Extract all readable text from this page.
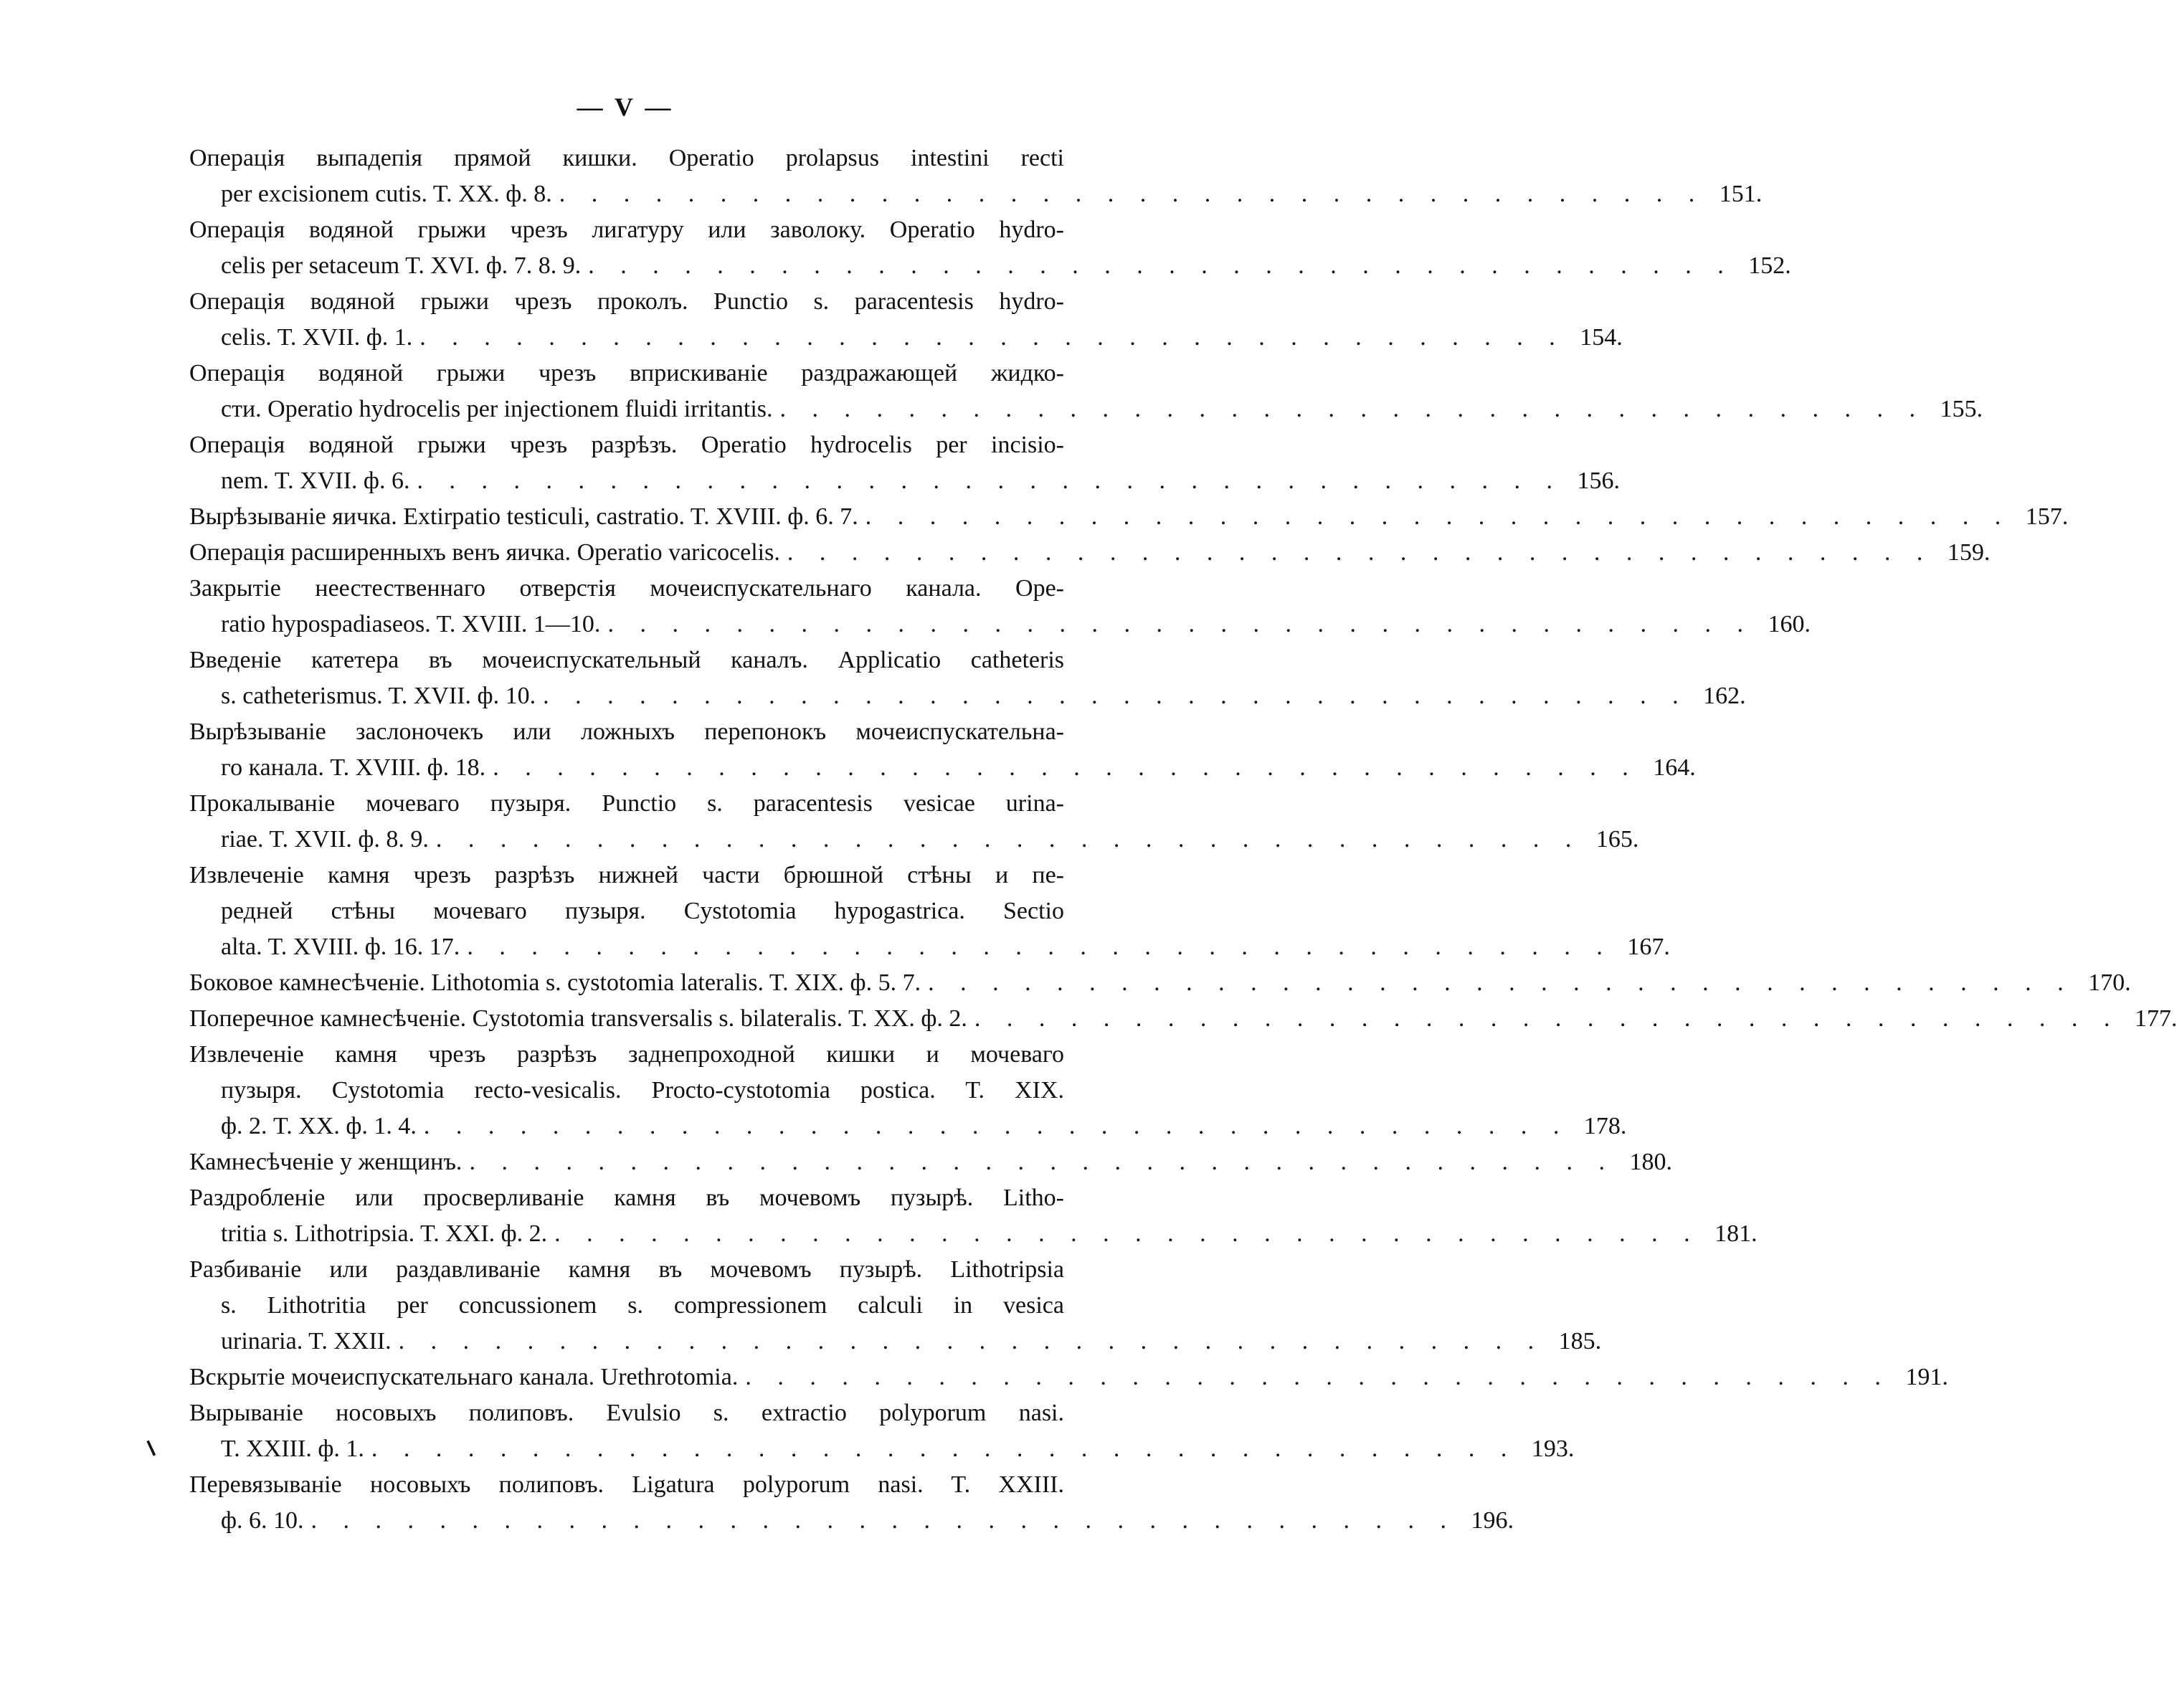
— V —
⸜
Операція выпадепія прямой кишки. Operatio prolapsus intestini recti
per excisionem cutis. T. XX. ф. 8. . . . . . . . . . . . . . . . . . . . . . . . . . . . . . . . . . . . . 151.
Операція водяной грыжи чрезъ лигатуру или заволоку. Operatio hydro-
celis per setaceum T. XVI. ф. 7. 8. 9. . . . . . . . . . . . . . . . . . . . . . . . . . . . . . . . . . . . . 152.
Операція водяной грыжи чрезъ проколъ. Punctio s. paracentesis hydro-
celis. T. XVII. ф. 1. . . . . . . . . . . . . . . . . . . . . . . . . . . . . . . . . . . . . 154.
Операція водяной грыжи чрезъ вприскиваніе раздражающей жидко-
сти. Operatio hydrocelis per injectionem fluidi irritantis. . . . . . . . . . . . . . . . . . . . . . . . . . . . . . . . . . . . . 155.
Операція водяной грыжи чрезъ разрѣзъ. Operatio hydrocelis per incisio-
nem. T. XVII. ф. 6. . . . . . . . . . . . . . . . . . . . . . . . . . . . . . . . . . . . . 156.
Вырѣзываніе яичка. Extirpatio testiculi, castratio. T. XVIII. ф. 6. 7. . . . . . . . . . . . . . . . . . . . . . . . . . . . . . . . . . . . . 157.
Операція расширенныхъ венъ яичка. Operatio varicocelis. . . . . . . . . . . . . . . . . . . . . . . . . . . . . . . . . . . . . 159.
Закрытіе неестественнаго отверстія мочеиспускательнаго канала. Ope-
ratio hypospadiaseos. T. XVIII. 1—10. . . . . . . . . . . . . . . . . . . . . . . . . . . . . . . . . . . . . 160.
Введеніе катетера въ мочеиспускательный каналъ. Applicatio catheteris
s. catheterismus. T. XVII. ф. 10. . . . . . . . . . . . . . . . . . . . . . . . . . . . . . . . . . . . . 162.
Вырѣзываніе заслоночекъ или ложныхъ перепонокъ мочеиспускательна-
го канала. T. XVIII. ф. 18. . . . . . . . . . . . . . . . . . . . . . . . . . . . . . . . . . . . . 164.
Прокалываніе мочеваго пузыря. Punctio s. paracentesis vesicae urina-
riae. T. XVII. ф. 8. 9. . . . . . . . . . . . . . . . . . . . . . . . . . . . . . . . . . . . . 165.
Извлеченіе камня чрезъ разрѣзъ нижней части брюшной стѣны и пе-
редней стѣны мочеваго пузыря. Cystotomia hypogastrica. Sectio
alta. T. XVIII. ф. 16. 17. . . . . . . . . . . . . . . . . . . . . . . . . . . . . . . . . . . . . 167.
Боковое камнесѣченіе. Lithotomia s. cystotomia lateralis. T. XIX. ф. 5. 7. . . . . . . . . . . . . . . . . . . . . . . . . . . . . . . . . . . . . 170.
Поперечное камнесѣченіе. Cystotomia transversalis s. bilateralis. T. XX. ф. 2. . . . . . . . . . . . . . . . . . . . . . . . . . . . . . . . . . . . . 177.
Извлеченіе камня чрезъ разрѣзъ заднепроходной кишки и мочеваго
пузыря. Cystotomia recto-vesicalis. Procto-cystotomia postica. T. XIX.
ф. 2. T. XX. ф. 1. 4. . . . . . . . . . . . . . . . . . . . . . . . . . . . . . . . . . . . . 178.
Камнесѣченіе у женщинъ. . . . . . . . . . . . . . . . . . . . . . . . . . . . . . . . . . . . . 180.
Раздробленіе или просверливаніе камня въ мочевомъ пузырѣ. Litho-
tritia s. Lithotripsia. T. XXI. ф. 2. . . . . . . . . . . . . . . . . . . . . . . . . . . . . . . . . . . . . 181.
Разбиваніе или раздавливаніе камня въ мочевомъ пузырѣ. Lithotripsia
s. Lithotritia per concussionem s. compressionem calculi in vesica
urinaria. T. XXII. . . . . . . . . . . . . . . . . . . . . . . . . . . . . . . . . . . . . 185.
Вскрытіе мочеиспускательнаго канала. Urethrotomia. . . . . . . . . . . . . . . . . . . . . . . . . . . . . . . . . . . . . 191.
Вырываніе носовыхъ полиповъ. Evulsio s. extractio polyporum nasi.
T. XXIII. ф. 1. . . . . . . . . . . . . . . . . . . . . . . . . . . . . . . . . . . . . 193.
Перевязываніе носовыхъ полиповъ. Ligatura polyporum nasi. T. XXIII.
ф. 6. 10. . . . . . . . . . . . . . . . . . . . . . . . . . . . . . . . . . . . . 196.
